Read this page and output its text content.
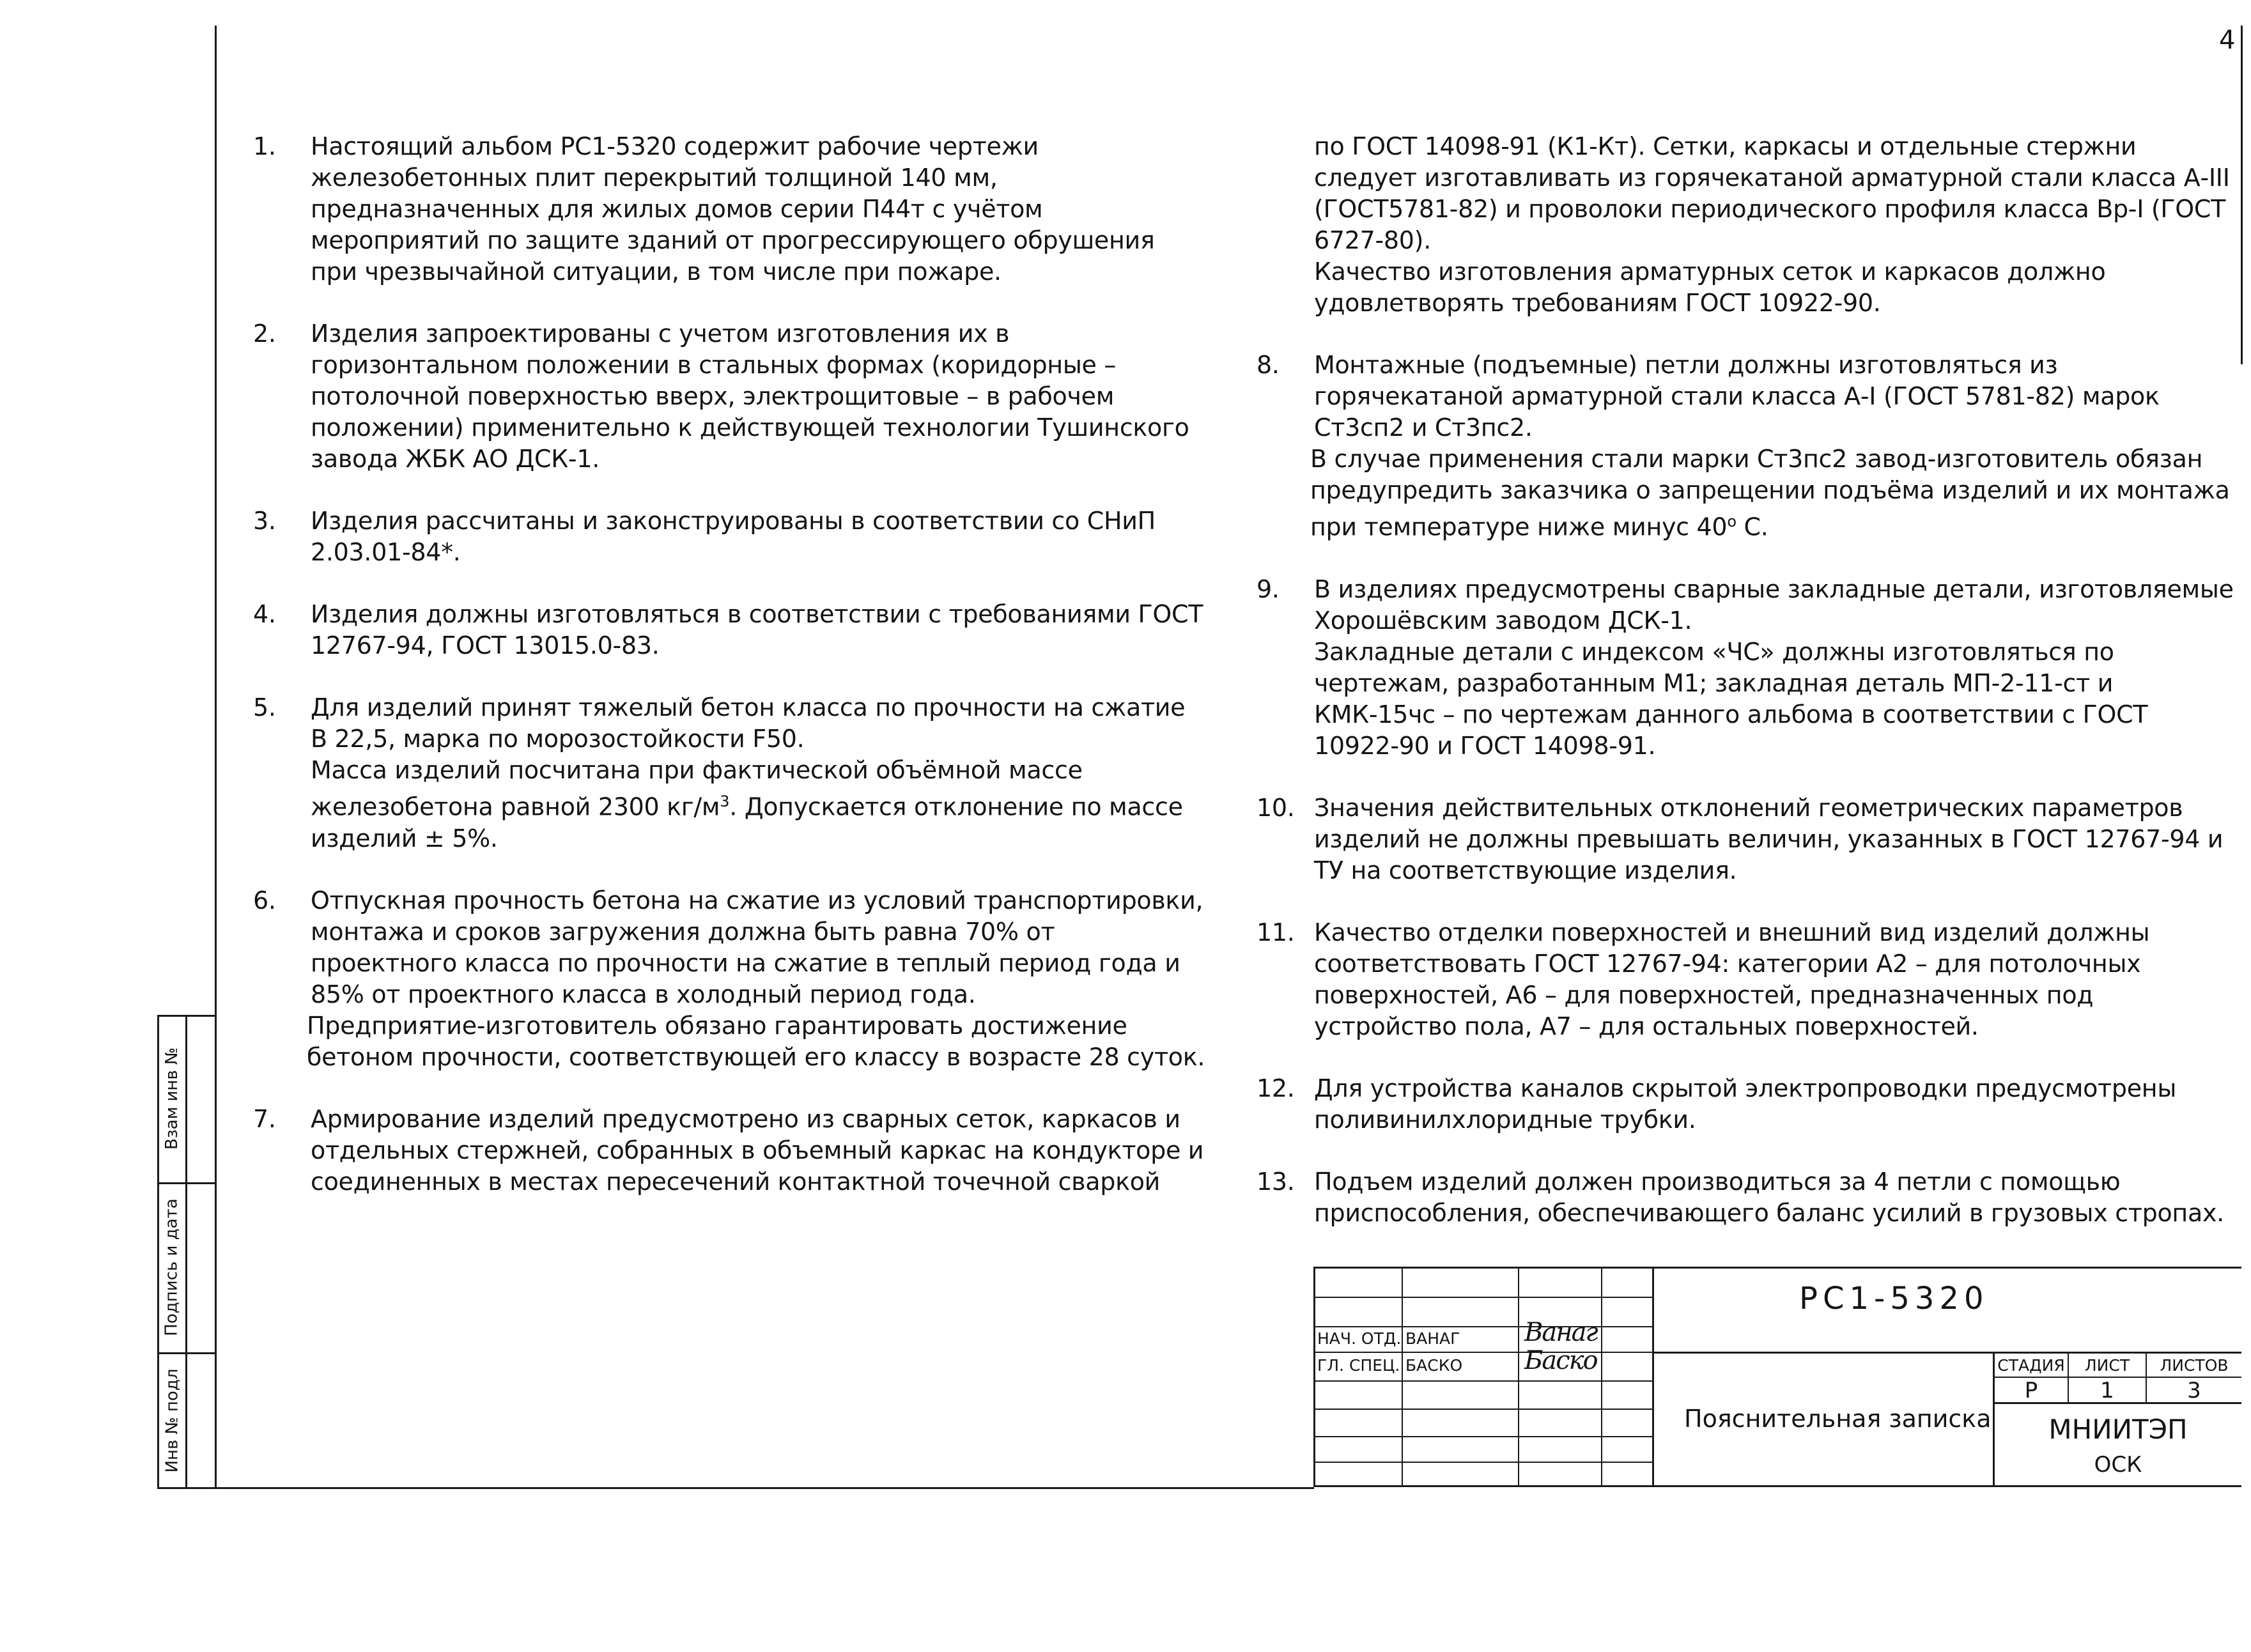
4
1. Настоящий альбом РС1-5320 содержит рабочие чертежи железобетонных плит перекрытий толщиной 140 мм, предназначенных для жилых домов серии П44т с учётом мероприятий по защите зданий от прогрессирующего обрушения при чрезвычайной ситуации, в том числе при пожаре.
2. Изделия запроектированы с учетом изготовления их в горизонтальном положении в стальных формах (коридорные – потолочной поверхностью вверх, электрощитовые – в рабочем положении) применительно к действующей технологии Тушинского завода ЖБК АО ДСК-1.
3. Изделия рассчитаны и законструированы в соответствии со СНиП 2.03.01-84*.
4. Изделия должны изготовляться в соответствии с требованиями ГОСТ 12767-94, ГОСТ 13015.0-83.
5. Для изделий принят тяжелый бетон класса по прочности на сжатие В 22,5, марка по морозостойкости F50.
Масса изделий посчитана при фактической объёмной массе железобетона равной 2300 $кг/м^3$. Допускается отклонение по массе изделий ± 5%.
6. Отпускная прочность бетона на сжатие из условий транспортировки, монтажа и сроков загружения должна быть равна 70% от проектного класса по прочности на сжатие в теплый период года и 85% от проектного класса в холодный период года.
Предприятие-изготовитель обязано гарантировать достижение бетоном прочности, соответствующей его классу в возрасте 28 суток.
7. Армирование изделий предусмотрено из сварных сеток, каркасов и отдельных стержней, собранных в объемный каркас на кондукторе и соединенных в местах пересечений контактной точечной сваркой
по ГОСТ 14098-91 (К1-Кт). Сетки, каркасы и отдельные стержни следует изготавливать из горячекатаной арматурной стали класса А-III (ГОСТ5781-82) и проволоки периодического профиля класса Вр-I (ГОСТ 6727-80).
Качество изготовления арматурных сеток и каркасов должно удовлетворять требованиям ГОСТ 10922-90.
8. Монтажные (подъемные) петли должны изготовляться из горячекатаной арматурной стали класса А-I (ГОСТ 5781-82) марок Ст3сп2 и Ст3пс2.
В случае применения стали марки Ст3пс2 завод-изготовитель обязан предупредить заказчика о запрещении подъёма изделий и их монтажа при температуре ниже минус $40^о$ С.
9. В изделиях предусмотрены сварные закладные детали, изготовляемые Хорошёвским заводом ДСК-1.
Закладные детали с индексом «ЧС» должны изготовляться по чертежам, разработанным М1; закладная деталь МП-2-11-ст и КМК-15чс – по чертежам данного альбома в соответствии с ГОСТ 10922-90 и ГОСТ 14098-91.
10. Значения действительных отклонений геометрических параметров изделий не должны превышать величин, указанных в ГОСТ 12767-94 и ТУ на соответствующие изделия.
11. Качество отделки поверхностей и внешний вид изделий должны соответствовать ГОСТ 12767-94: категории А2 – для потолочных поверхностей, А6 – для поверхностей, предназначенных под устройство пола, А7 – для остальных поверхностей.
12. Для устройства каналов скрытой электропроводки предусмотрены поливинилхлоридные трубки.
13. Подъем изделий должен производиться за 4 петли с помощью приспособления, обеспечивающего баланс усилий в грузовых стропах.
Взам инв №
Подпись и дата
Инв № подл
РС1-5320
НАЧ. ОТД. ВАНАГ	Ванаг
ГЛ. СПЕЦ. БАСКО Баско
Пояснительная записка
СТАДИЯ	ЛИСТ	ЛИСТОВ
Р	1	3
МНИИТЭП
ОСК
